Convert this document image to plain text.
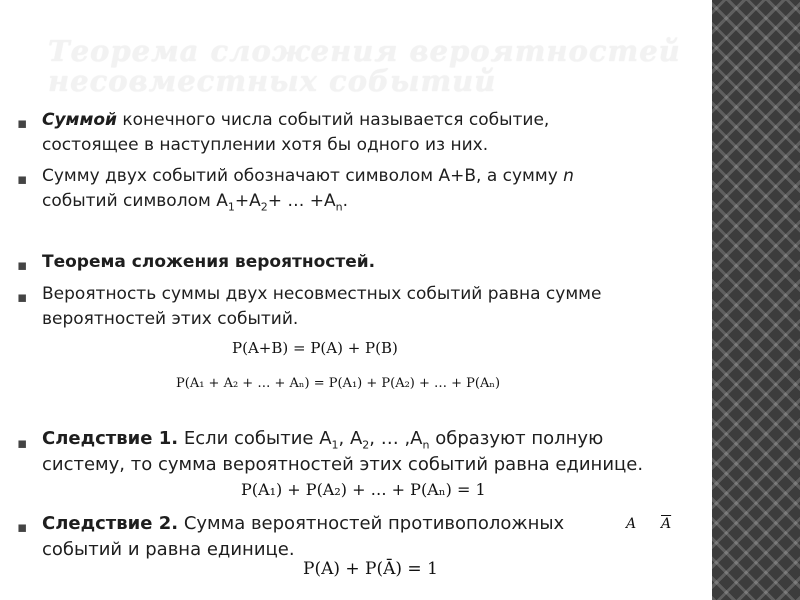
Теорема сложения вероятностей
несовместных событий
▪ Суммой конечного числа событий называется событие,
состоящее в наступлении хотя бы одного из них.
▪ Сумму двух событий обозначают символом А+В, а сумму n
событий символом $А_1+А_2+$ … $+А_n$.
▪ Теорема сложения вероятностей.
▪ Вероятность суммы двух несовместных событий равна сумме
вероятностей этих событий.
P(A+B) = P(A) + P(B)
P(A₁ + A₂ + … + Aₙ) = P(A₁) + P(A₂) + … + P(Aₙ)
▪ Следствие 1. Если событие $А_1$, $А_2$, … $,А_n$ образуют полную
систему, то сумма вероятностей этих событий равна единице.
P(A₁) + P(A₂) + … + P(Aₙ) = 1
▪ Следствие 2. Сумма вероятностей противоположных
событий и равна единице.
A $\overline{A}$
P(A) + P(Ā) = 1
